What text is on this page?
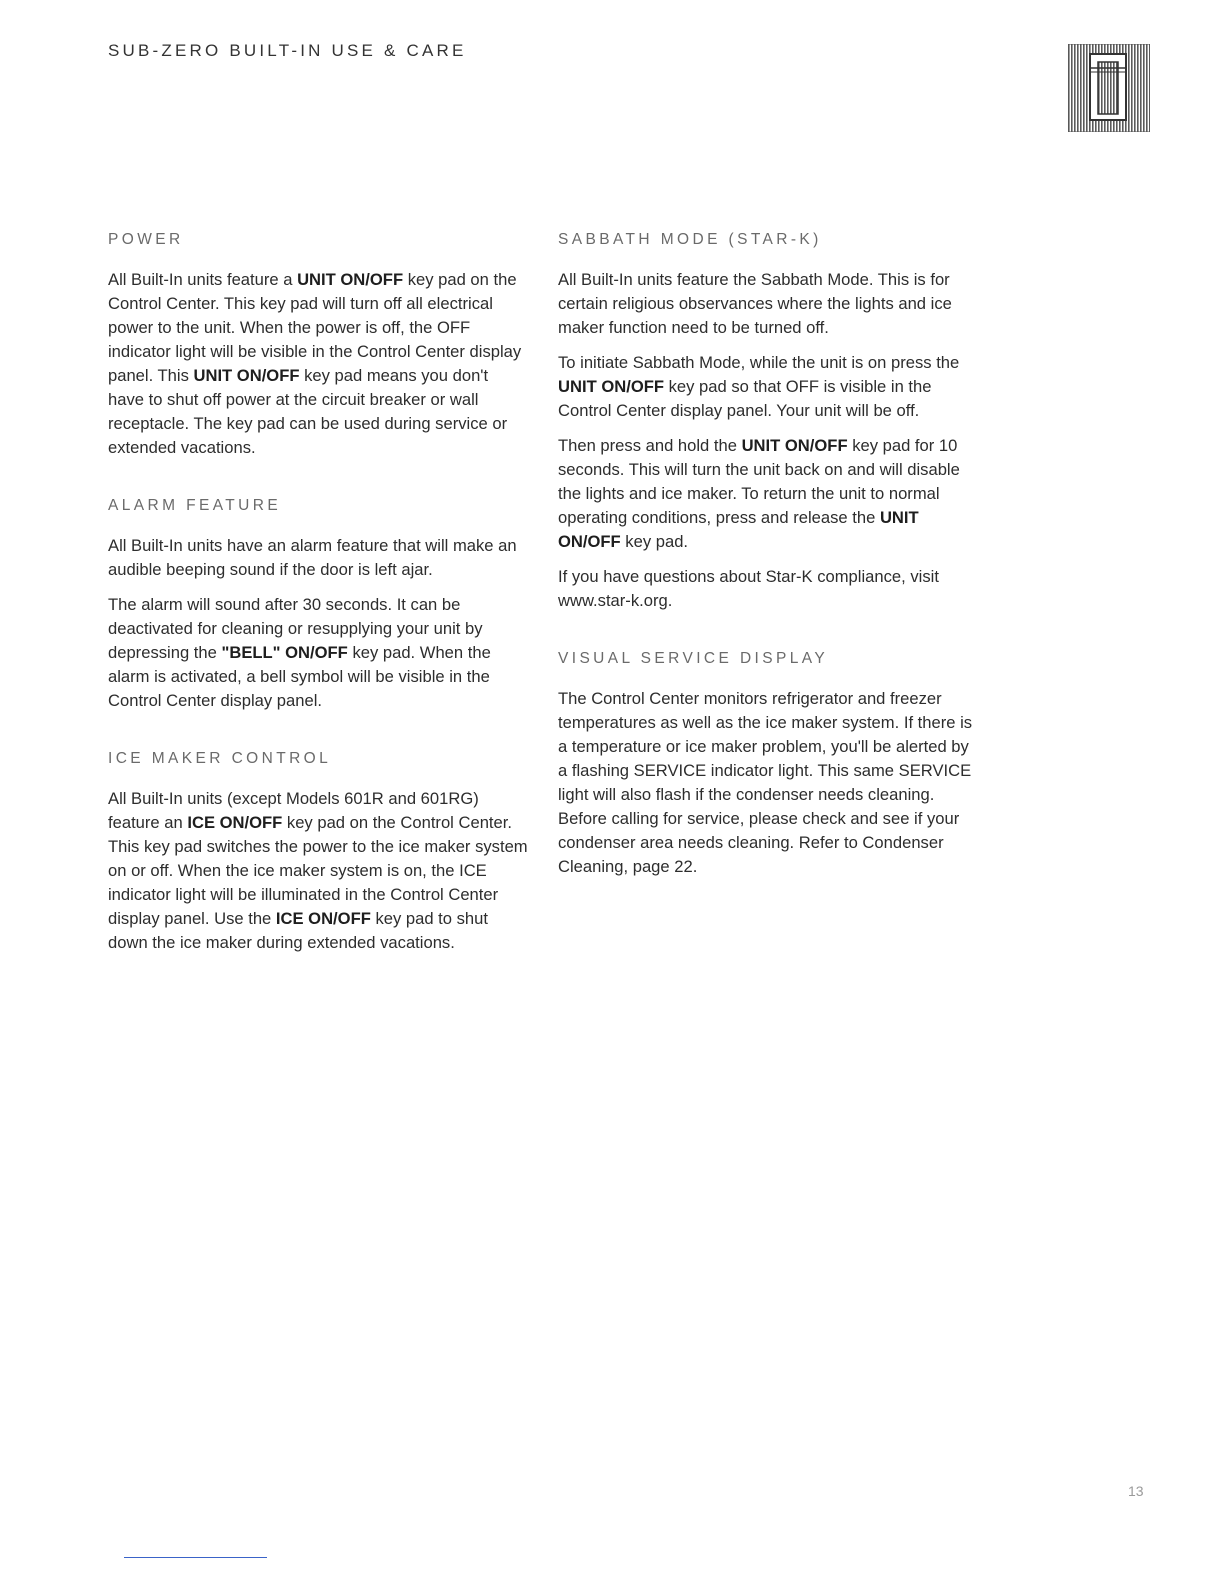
SUB-ZERO BUILT-IN USE & CARE
POWER

All Built-In units feature a UNIT ON/OFF key pad on the Control Center. This key pad will turn off all electrical power to the unit. When the power is off, the OFF indicator light will be visible in the Control Center display panel. This UNIT ON/OFF key pad means you don't have to shut off power at the circuit breaker or wall receptacle. The key pad can be used during service or extended vacations.

ALARM FEATURE

All Built-In units have an alarm feature that will make an audible beeping sound if the door is left ajar.

The alarm will sound after 30 seconds. It can be deactivated for cleaning or resupplying your unit by depressing the "BELL" ON/OFF key pad. When the alarm is activated, a bell symbol will be visible in the Control Center display panel.

ICE MAKER CONTROL

All Built-In units (except Models 601R and 601RG) feature an ICE ON/OFF key pad on the Control Center. This key pad switches the power to the ice maker system on or off. When the ice maker system is on, the ICE indicator light will be illuminated in the Control Center display panel. Use the ICE ON/OFF key pad to shut down the ice maker during extended vacations.

SABBATH MODE (STAR-K)

All Built-In units feature the Sabbath Mode. This is for certain religious observances where the lights and ice maker function need to be turned off.

To initiate Sabbath Mode, while the unit is on press the UNIT ON/OFF key pad so that OFF is visible in the Control Center display panel. Your unit will be off.

Then press and hold the UNIT ON/OFF key pad for 10 seconds. This will turn the unit back on and will disable the lights and ice maker. To return the unit to normal operating conditions, press and release the UNIT ON/OFF key pad.

If you have questions about Star-K compliance, visit www.star-k.org.

VISUAL SERVICE DISPLAY

The Control Center monitors refrigerator and freezer temperatures as well as the ice maker system. If there is a temperature or ice maker problem, you'll be alerted by a flashing SERVICE indicator light. This same SERVICE light will also flash if the condenser needs cleaning. Before calling for service, please check and see if your condenser area needs cleaning. Refer to Condenser Cleaning, page 22.

13
